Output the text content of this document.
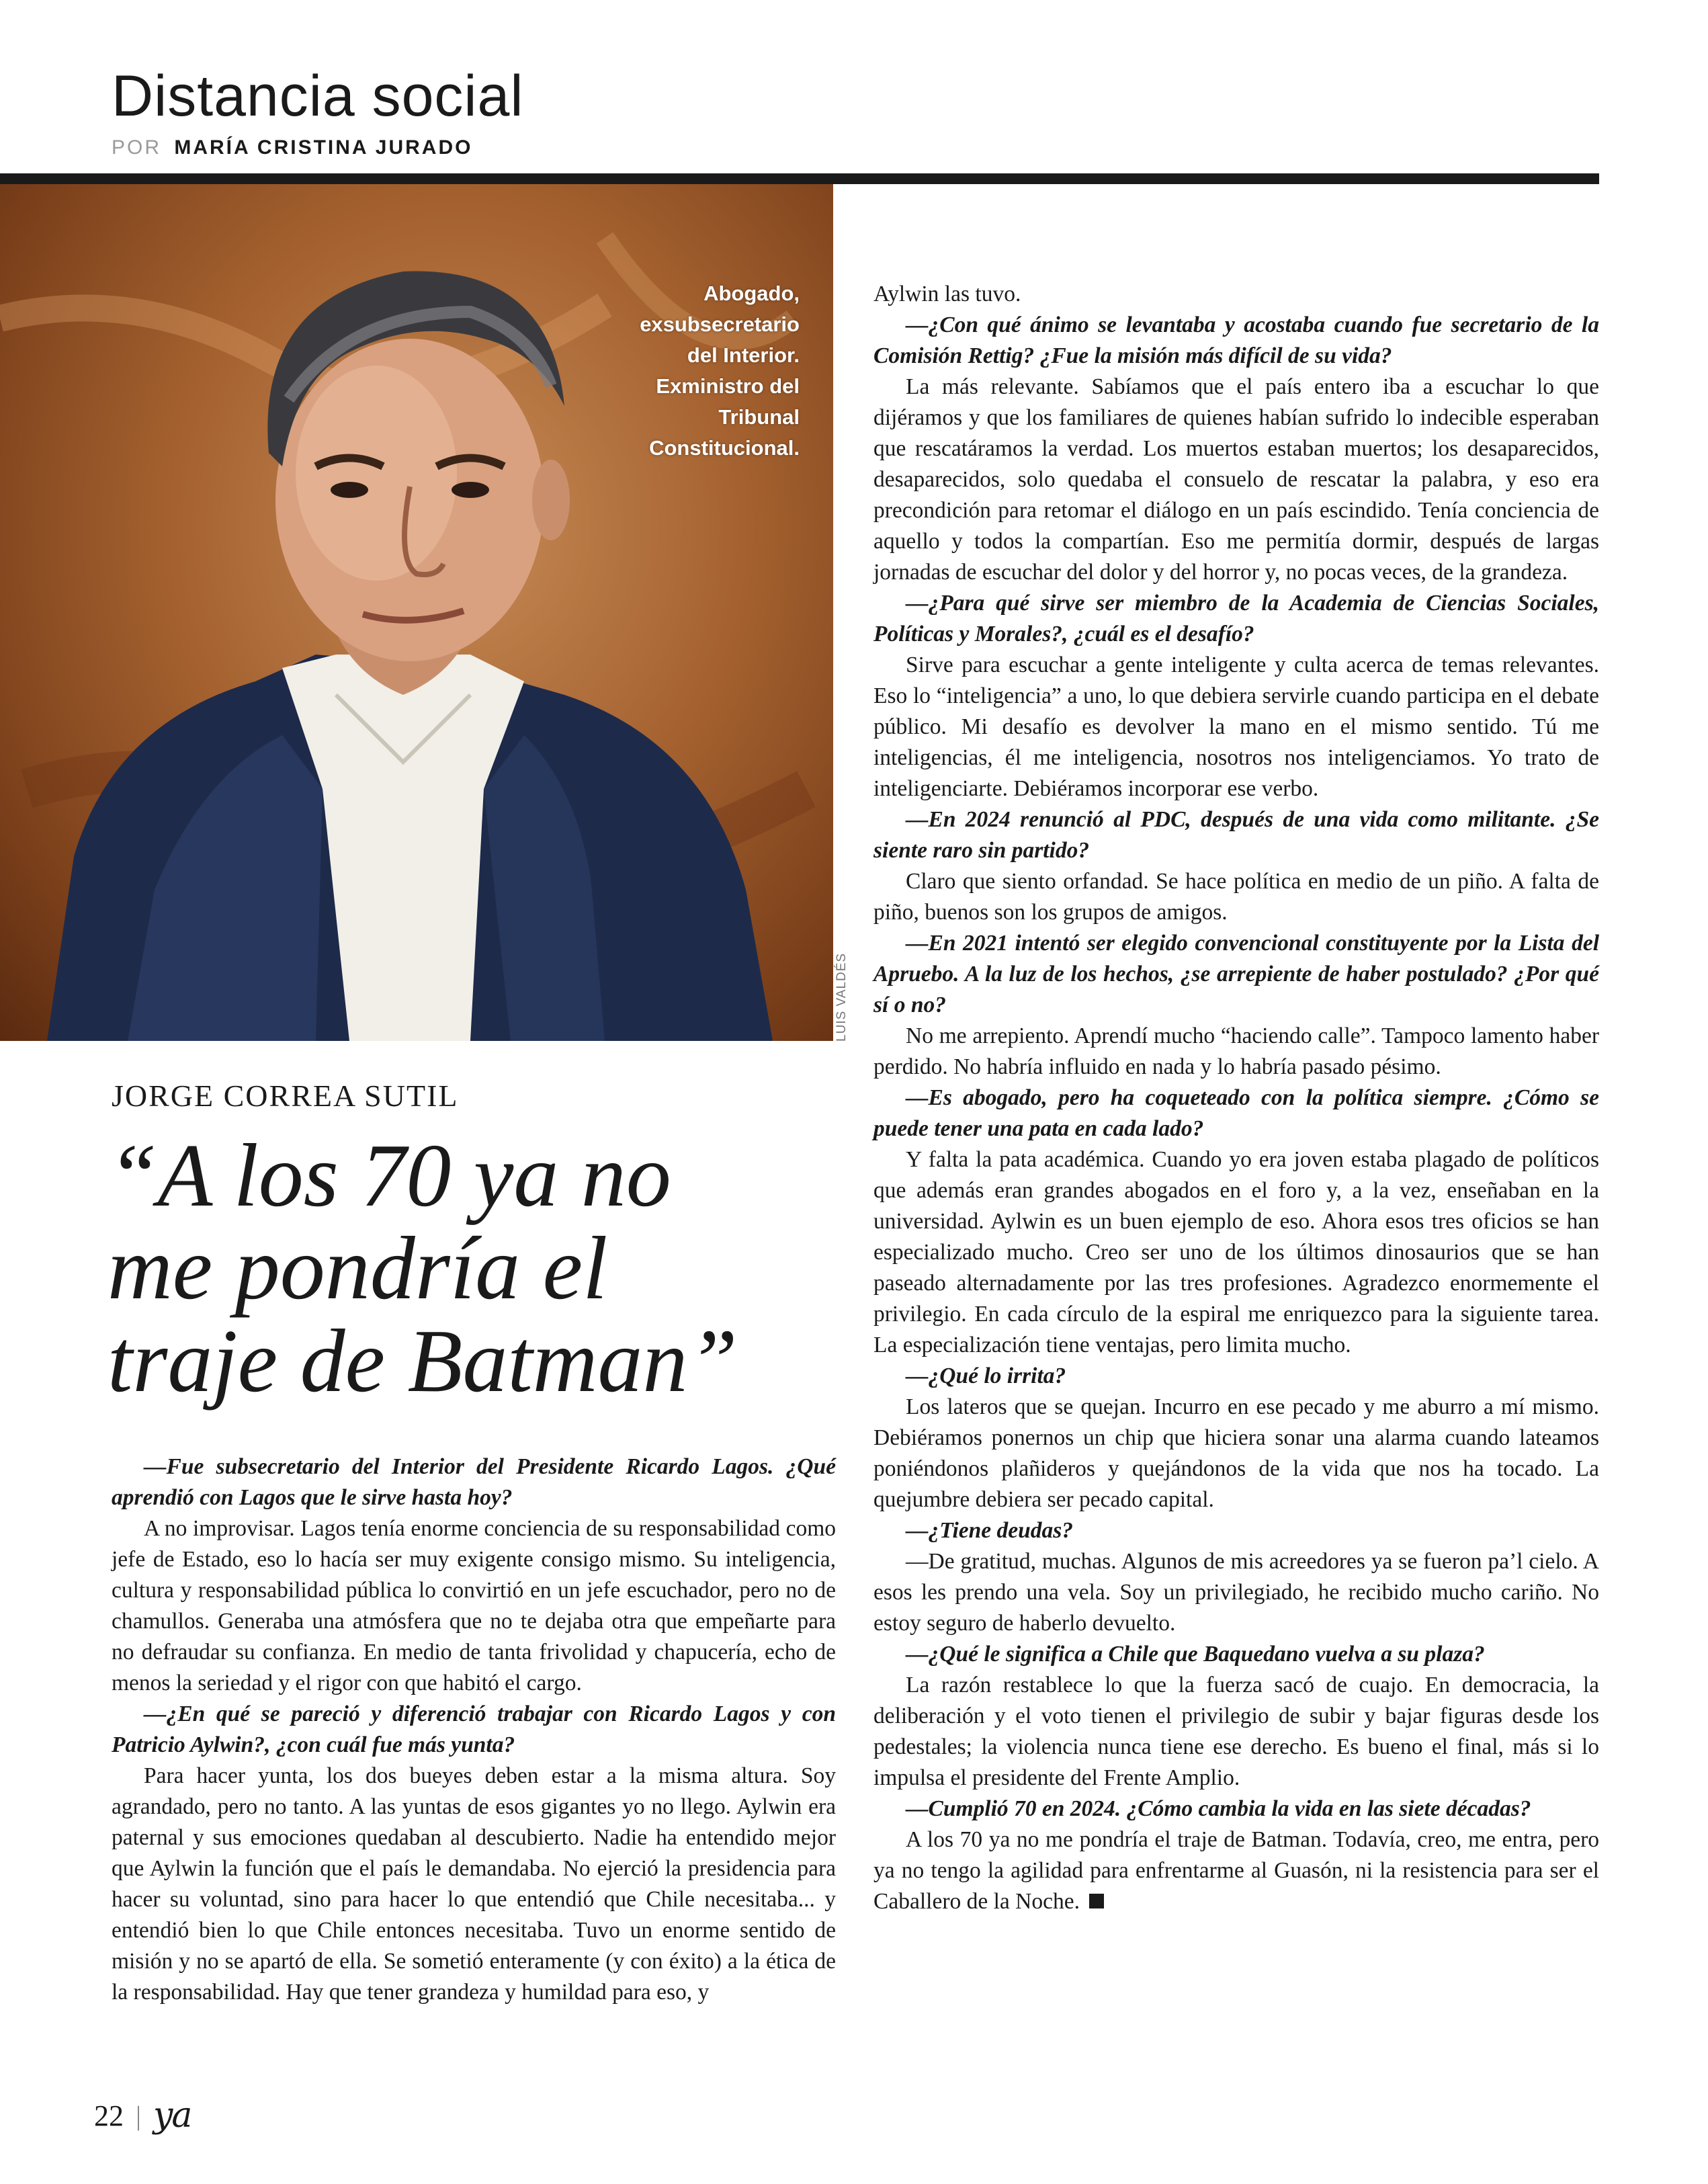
Distancia social
POR MARÍA CRISTINA JURADO
Abogado,
exsubsecretario
del Interior.
Exministro del
Tribunal
Constitucional.
LUIS VALDÉS
JORGE CORREA SUTIL
“A los 70 ya no
me pondría el
traje de Batman”

—Fue subsecretario del Interior del Presidente Ricardo Lagos. ¿Qué aprendió con Lagos que le sirve hasta hoy?

A no improvisar. Lagos tenía enorme conciencia de su responsabilidad como jefe de Estado, eso lo hacía ser muy exigente consigo mismo. Su inteligencia, cultura y responsabilidad pública lo convirtió en un jefe escuchador, pero no de chamullos. Generaba una atmósfera que no te dejaba otra que empeñarte para no defraudar su confianza. En medio de tanta frivolidad y chapucería, echo de menos la seriedad y el rigor con que habitó el cargo.

—¿En qué se pareció y diferenció trabajar con Ricardo Lagos y con Patricio Aylwin?, ¿con cuál fue más yunta?

Para hacer yunta, los dos bueyes deben estar a la misma altura. Soy agrandado, pero no tanto. A las yuntas de esos gigantes yo no llego. Aylwin era paternal y sus emociones quedaban al descubierto. Nadie ha entendido mejor que Aylwin la función que el país le demandaba. No ejerció la presidencia para hacer su voluntad, sino para hacer lo que entendió que Chile necesitaba... y entendió bien lo que Chile entonces necesitaba. Tuvo un enorme sentido de misión y no se apartó de ella. Se sometió enteramente (y con éxito) a la ética de la responsabilidad. Hay que tener grandeza y humildad para eso, y

Aylwin las tuvo.

—¿Con qué ánimo se levantaba y acostaba cuando fue secretario de la Comisión Rettig? ¿Fue la misión más difícil de su vida?

La más relevante. Sabíamos que el país entero iba a escuchar lo que dijéramos y que los familiares de quienes habían sufrido lo indecible esperaban que rescatáramos la verdad. Los muertos estaban muertos; los desaparecidos, desaparecidos, solo quedaba el consuelo de rescatar la palabra, y eso era precondición para retomar el diálogo en un país escindido. Tenía conciencia de aquello y todos la compartían. Eso me permitía dormir, después de largas jornadas de escuchar del dolor y del horror y, no pocas veces, de la grandeza.

—¿Para qué sirve ser miembro de la Academia de Ciencias Sociales, Políticas y Morales?, ¿cuál es el desafío?

Sirve para escuchar a gente inteligente y culta acerca de temas relevantes. Eso lo “inteligencia” a uno, lo que debiera servirle cuando participa en el debate público. Mi desafío es devolver la mano en el mismo sentido. Tú me inteligencias, él me inteligencia, nosotros nos inteligenciamos. Yo trato de inteligenciarte. Debiéramos incorporar ese verbo.

—En 2024 renunció al PDC, después de una vida como militante. ¿Se siente raro sin partido?

Claro que siento orfandad. Se hace política en medio de un piño. A falta de piño, buenos son los grupos de amigos.

—En 2021 intentó ser elegido convencional constituyente por la Lista del Apruebo. A la luz de los hechos, ¿se arrepiente de haber postulado? ¿Por qué sí o no?

No me arrepiento. Aprendí mucho “haciendo calle”. Tampoco lamento haber perdido. No habría influido en nada y lo habría pasado pésimo.

—Es abogado, pero ha coqueteado con la política siempre. ¿Cómo se puede tener una pata en cada lado?

Y falta la pata académica. Cuando yo era joven estaba plagado de políticos que además eran grandes abogados en el foro y, a la vez, enseñaban en la universidad. Aylwin es un buen ejemplo de eso. Ahora esos tres oficios se han especializado mucho. Creo ser uno de los últimos dinosaurios que se han paseado alternadamente por las tres profesiones. Agradezco enormemente el privilegio. En cada círculo de la espiral me enriquezco para la siguiente tarea. La especialización tiene ventajas, pero limita mucho.

—¿Qué lo irrita?

Los lateros que se quejan. Incurro en ese pecado y me aburro a mí mismo. Debiéramos ponernos un chip que hiciera sonar una alarma cuando lateamos poniéndonos plañideros y quejándonos de la vida que nos ha tocado. La quejumbre debiera ser pecado capital.

—¿Tiene deudas?

—De gratitud, muchas. Algunos de mis acreedores ya se fueron pa’l cielo. A esos les prendo una vela. Soy un privilegiado, he recibido mucho cariño. No estoy seguro de haberlo devuelto.

—¿Qué le significa a Chile que Baquedano vuelva a su plaza?

La razón restablece lo que la fuerza sacó de cuajo. En democracia, la deliberación y el voto tienen el privilegio de subir y bajar figuras desde los pedestales; la violencia nunca tiene ese derecho. Es bueno el final, más si lo impulsa el presidente del Frente Amplio.

—Cumplió 70 en 2024. ¿Cómo cambia la vida en las siete décadas?

A los 70 ya no me pondría el traje de Batman. Todavía, creo, me entra, pero ya no tengo la agilidad para enfrentarme al Guasón, ni la resistencia para ser el Caballero de la Noche.

22 | ya
